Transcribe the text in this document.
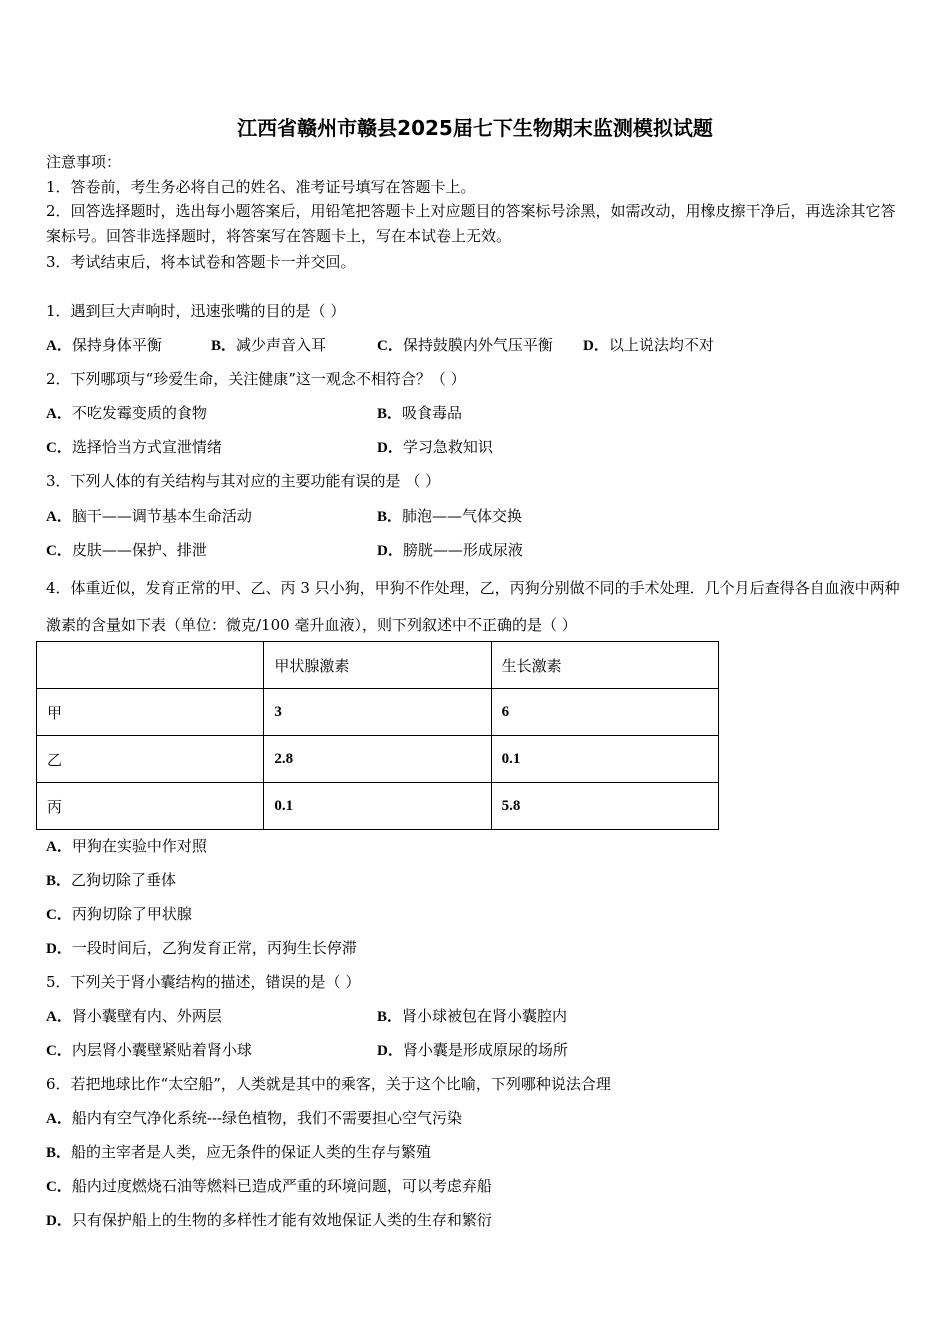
江西省赣州市赣县2025届七下生物期末监测模拟试题
注意事项：
1．答卷前，考生务必将自己的姓名、准考证号填写在答题卡上。
2．回答选择题时，选出每小题答案后，用铅笔把答题卡上对应题目的答案标号涂黑，如需改动，用橡皮擦干净后，再选涂其它答案标号。回答非选择题时，将答案写在答题卡上，写在本试卷上无效。
3．考试结束后，将本试卷和答题卡一并交回。
1．遇到巨大声响时，迅速张嘴的目的是（ ）
A．保持身体平衡	B．减少声音入耳	C．保持鼓膜内外气压平衡 D．以上说法均不对
2．下列哪项与“珍爱生命，关注健康”这一观念不相符合？（ ）
A．不吃发霉变质的食物	B．吸食毒品
C．选择恰当方式宣泄情绪	D．学习急救知识
3．下列人体的有关结构与其对应的主要功能有误的是 （ ）
A．脑干——调节基本生命活动	B．肺泡——气体交换
C．皮肤——保护、排泄	D．膀胱——形成尿液
4．体重近似，发育正常的甲、乙、丙 3 只小狗，甲狗不作处理，乙，丙狗分别做不同的手术处理．几个月后查得各自血液中两种激素的含量如下表（单位：微克/100 毫升血液），则下列叙述中不正确的是（ ）
	甲状腺激素	生长激素
甲	3	6
乙	2.8	0.1
丙	0.1	5.8
A．甲狗在实验中作对照
B．乙狗切除了垂体
C．丙狗切除了甲状腺
D．一段时间后，乙狗发育正常，丙狗生长停滞
5．下列关于肾小囊结构的描述，错误的是（ ）
A．肾小囊壁有内、外两层	B．肾小球被包在肾小囊腔内
C．内层肾小囊壁紧贴着肾小球	D．肾小囊是形成原尿的场所
6．若把地球比作“太空船”，人类就是其中的乘客，关于这个比喻，下列哪种说法合理
A．船内有空气净化系统---绿色植物，我们不需要担心空气污染
B．船的主宰者是人类，应无条件的保证人类的生存与繁殖
C．船内过度燃烧石油等燃料已造成严重的环境问题，可以考虑弃船
D．只有保护船上的生物的多样性才能有效地保证人类的生存和繁衍
